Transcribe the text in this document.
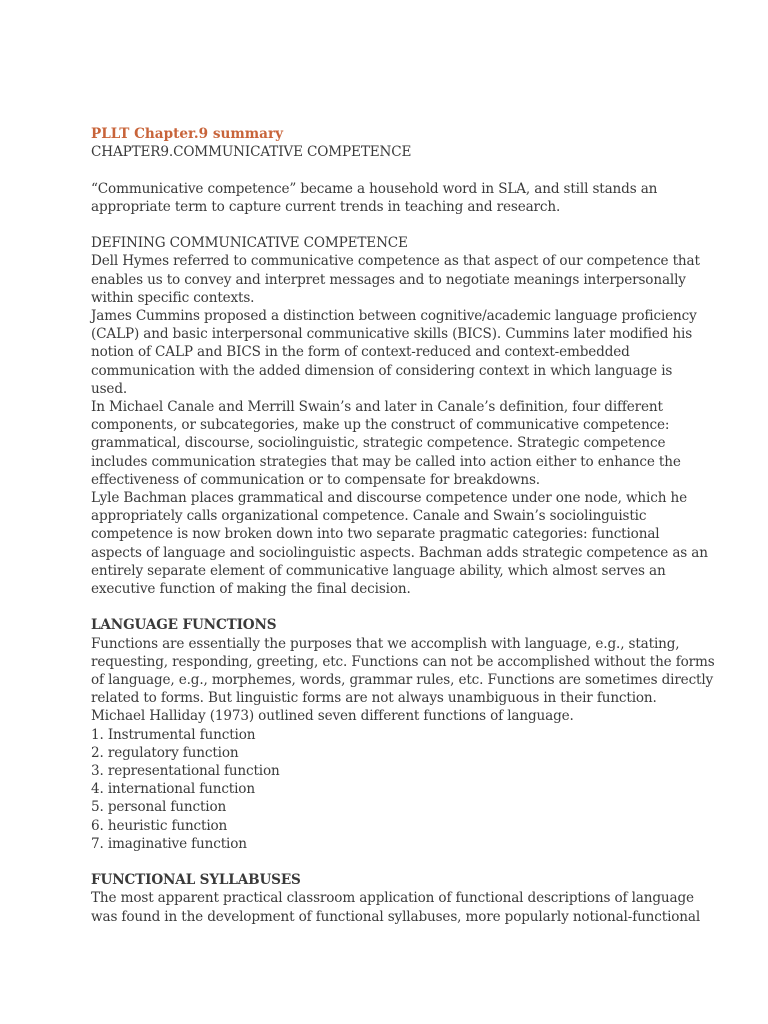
PLLT Chapter.9 summary

CHAPTER9.COMMUNICATIVE COMPETENCE

“Communicative competence” became a household word in SLA, and still stands an

appropriate term to capture current trends in teaching and research.

DEFINING COMMUNICATIVE COMPETENCE

Dell Hymes referred to communicative competence as that aspect of our competence that

enables us to convey and interpret messages and to negotiate meanings interpersonally

within specific contexts.

James Cummins proposed a distinction between cognitive/academic language proficiency

(CALP) and basic interpersonal communicative skills (BICS). Cummins later modified his

notion of CALP and BICS in the form of context-reduced and context-embedded

communication with the added dimension of considering context in which language is

used.

In Michael Canale and Merrill Swain’s and later in Canale’s definition, four different

components, or subcategories, make up the construct of communicative competence:

grammatical, discourse, sociolinguistic, strategic competence. Strategic competence

includes communication strategies that may be called into action either to enhance the

effectiveness of communication or to compensate for breakdowns.

Lyle Bachman places grammatical and discourse competence under one node, which he

appropriately calls organizational competence. Canale and Swain’s sociolinguistic

competence is now broken down into two separate pragmatic categories: functional

aspects of language and sociolinguistic aspects. Bachman adds strategic competence as an

entirely separate element of communicative language ability, which almost serves an

executive function of making the final decision.

LANGUAGE FUNCTIONS

Functions are essentially the purposes that we accomplish with language, e.g., stating,

requesting, responding, greeting, etc. Functions can not be accomplished without the forms

of language, e.g., morphemes, words, grammar rules, etc. Functions are sometimes directly

related to forms. But linguistic forms are not always unambiguous in their function.

Michael Halliday (1973) outlined seven different functions of language.

1. Instrumental function

2. regulatory function

3. representational function

4. international function

5. personal function

6. heuristic function

7. imaginative function

FUNCTIONAL SYLLABUSES

The most apparent practical classroom application of functional descriptions of language

was found in the development of functional syllabuses, more popularly notional-functional
